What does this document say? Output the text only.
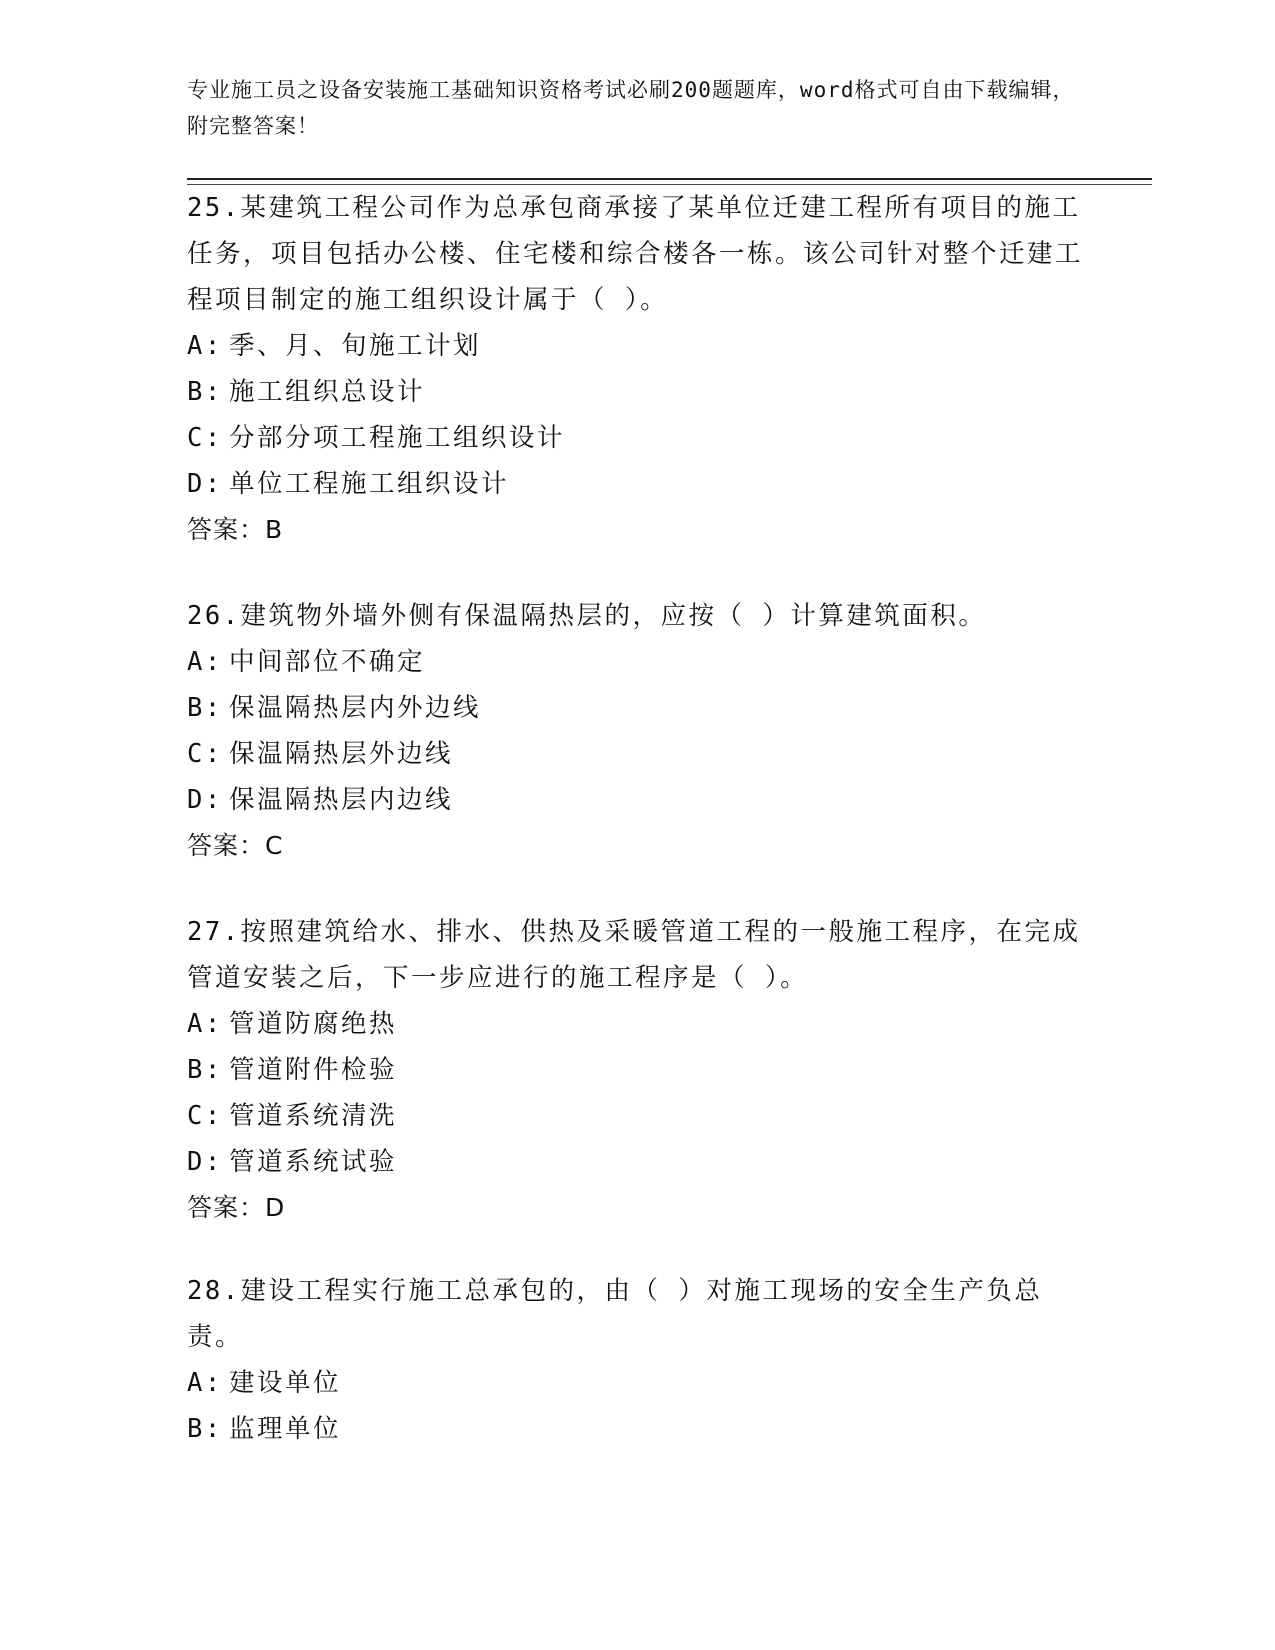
专业施工员之设备安装施工基础知识资格考试必刷200题题库，word格式可自由下载编辑，附完整答案！

25.某建筑工程公司作为总承包商承接了某单位迁建工程所有项目的施工任务，项目包括办公楼、住宅楼和综合楼各一栋。该公司针对整个迁建工程项目制定的施工组织设计属于（ ）。

A: 季、月、旬施工计划

B: 施工组织总设计

C: 分部分项工程施工组织设计

D: 单位工程施工组织设计

答案：B

26.建筑物外墙外侧有保温隔热层的，应按（ ）计算建筑面积。

A: 中间部位不确定

B: 保温隔热层内外边线

C: 保温隔热层外边线

D: 保温隔热层内边线

答案：C

27.按照建筑给水、排水、供热及采暖管道工程的一般施工程序，在完成管道安装之后，下一步应进行的施工程序是（ ）。

A: 管道防腐绝热

B: 管道附件检验

C: 管道系统清洗

D: 管道系统试验

答案：D

28.建设工程实行施工总承包的，由（ ）对施工现场的安全生产负总责。

A: 建设单位

B: 监理单位
